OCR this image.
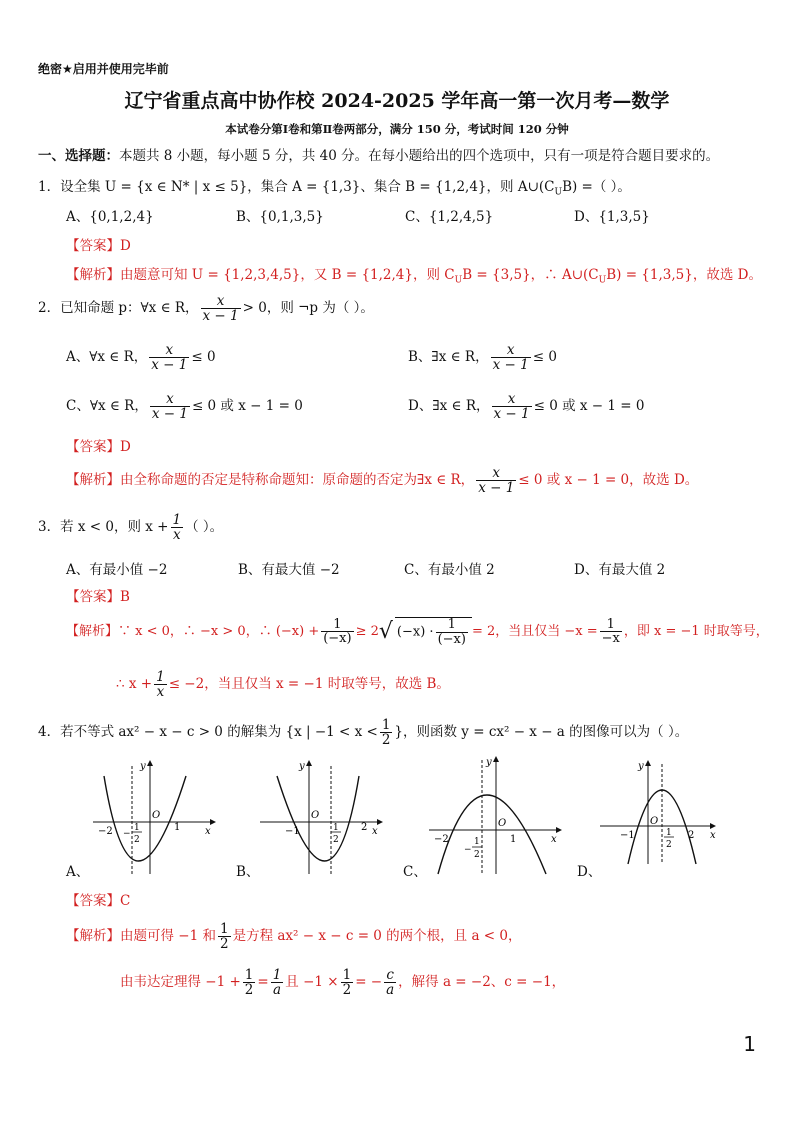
绝密★启用并使用完毕前
辽宁省重点高中协作校 2024-2025 学年高一第一次月考—数学
本试卷分第Ⅰ卷和第Ⅱ卷两部分，满分 150 分，考试时间 120 分钟
一、选择题：本题共 8 小题，每小题 5 分，共 40 分。在每小题给出的四个选项中，只有一项是符合题目要求的。
1．设全集 U = {x ∈ N* | x ≤ 5}，集合 A = {1,3}、集合 B = {1,2,4}，则 $A\cup(C_UB)$ =（ ）。
A、{0,1,2,4}	B、{0,1,3,5}	C、{1,2,4,5}	D、{1,3,5}
【答案】D
【解析】由题意可知 U = {1,2,3,4,5}，又 B = {1,2,4}，则 $C_UB = \{3,5\}$，∴ $A\cup(C_UB) = \{1,3,5\}$，故选 D。
2．已知命题 p：∀x ∈ R， $\frac{x}{x - 1} > 0$，则 ¬p 为（ ）。
A、∀x ∈ R， $\frac{x}{x - 1} \le 0$	B、∃x ∈ R， $\frac{x}{x - 1} \le 0$
C、∀x ∈ R， $\frac{x}{x - 1} \le 0$ 或 x − 1 = 0	D、∃x ∈ R， $\frac{x}{x - 1} \le 0$ 或 x − 1 = 0
【答案】D
【解析】由全称命题的否定是特称命题知：原命题的否定为∃x ∈ R， $\frac{x}{x - 1} \le 0$ 或 x − 1 = 0，故选 D。
3．若 x < 0，则 $x + \frac{1}{x}$ （ ）。
A、有最小值 −2	B、有最大值 −2	C、有最小值 2	D、有最大值 2
【答案】B
【解析】∵ x < 0，∴ −x > 0，∴ $(-x) + \frac{1}{(-x)} \ge 2√$ $(-x) \cdot \frac{1}{(-x)} = 2$，当且仅当 $-x = \frac{1}{-x}$ ，即 x = −1 时取等号，
∴ $x + \frac{1}{x} \le -2$，当且仅当 x = −1 时取等号，故选 B。
4．若不等式 ax² − x − c > 0 的解集为 {x | $-1 < x < \frac{1}{2}$ }，则函数 y = cx² − x − a 的图像可以为（ ）。
y
x
O
−2 −
1
2
1
A、
y
x
O
−1	1
2
2
B、
y
x
O
−2
−
1
2
1
C、
y
x
O
−1	1
2
2
D、
【答案】C
【解析】由题可得 −1 和 $\frac{1}{2}$ 是方程 ax² − x − c = 0 的两个根，且 a < 0，
由韦达定理得 $-1 + \frac{1}{2} = \frac{1}{a}$ 且 $-1 \times \frac{1}{2}$ = − $\frac{c}{a}$ ，解得 a = −2、c = −1，
1
